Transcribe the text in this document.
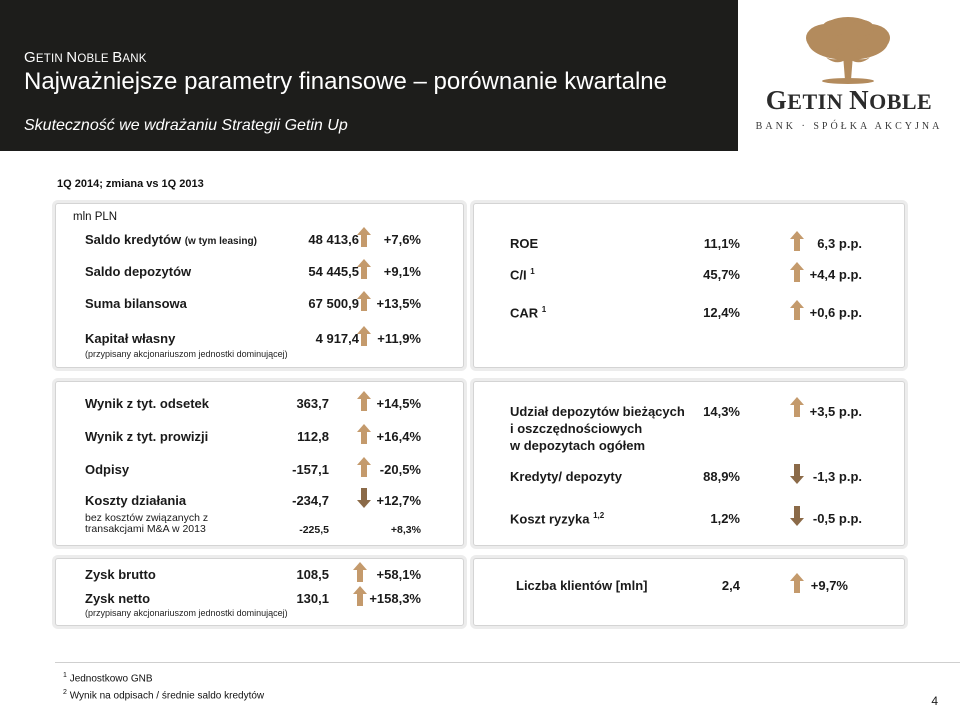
GETIN NOBLE BANK
Najważniejsze parametry finansowe – porównanie kwartalne
Skuteczność we wdrażaniu Strategii Getin Up
GETIN NOBLE
BANK · SPÓŁKA AKCYJNA
1Q 2014; zmiana vs 1Q 2013
mln PLN
Saldo kredytów (w tym leasing)	48 413,6	+7,6%
Saldo depozytów	54 445,5	+9,1%
Suma bilansowa	67 500,9	+13,5%
Kapitał własny	4 917,4	+11,9%
(przypisany akcjonariuszom jednostki dominującej)
ROE	11,1%	6,3 p.p.
C/I $^1$	45,7%	+4,4 p.p.
CAR $^1$	12,4%	+0,6 p.p.
Wynik z tyt. odsetek	363,7	+14,5%
Wynik z tyt. prowizji	112,8	+16,4%
Odpisy	-157,1	-20,5%
Koszty działania	-234,7	+12,7%
bez kosztów związanych z
transakcjami M&A w 2013	-225,5	+8,3%
Udział depozytów bieżących
i oszczędnościowych
w depozytach ogółem
14,3%	+3,5 p.p.
Kredyty/ depozyty	88,9%	-1,3 p.p.
Koszt ryzyka $^{1,2}$	1,2%	-0,5 p.p.
Zysk brutto	108,5	+58,1%
Zysk netto	130,1	+158,3%
(przypisany akcjonariuszom jednostki dominującej)
Liczba klientów [mln]	2,4	+9,7%
$^1$ Jednostkowo GNB
$^2$ Wynik na odpisach / średnie saldo kredytów	4
